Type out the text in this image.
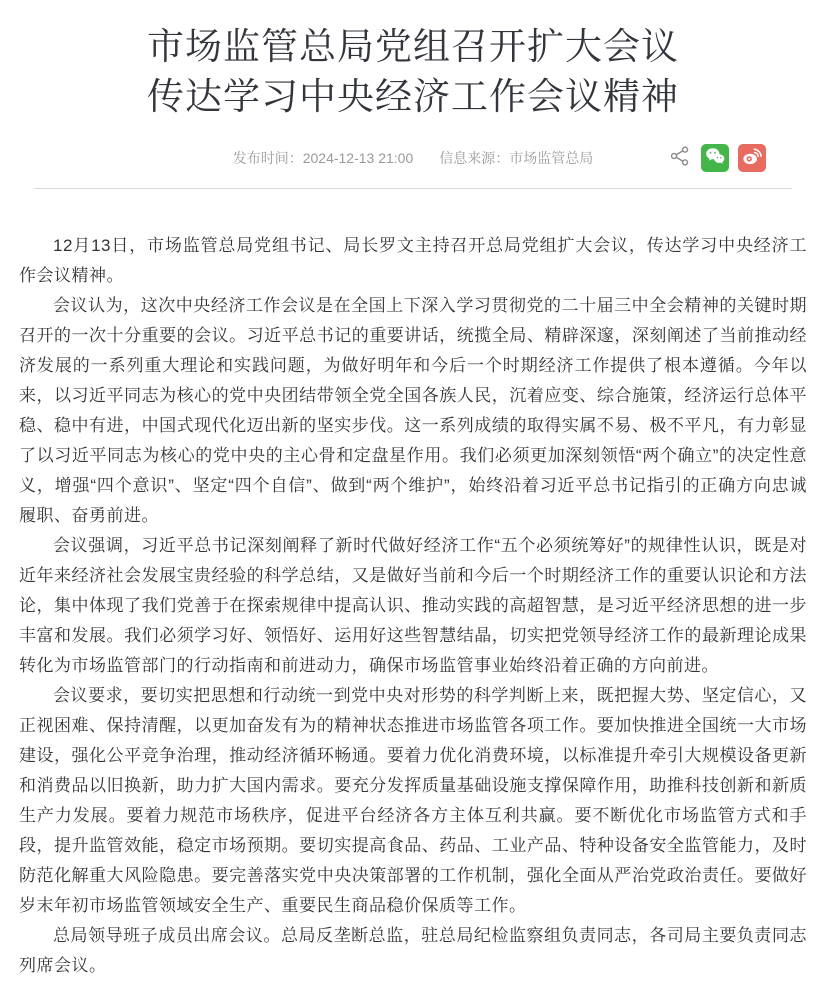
市场监管总局党组召开扩大会议
传达学习中央经济工作会议精神
发布时间：2024-12-13 21:00 信息来源：市场监管总局

12月13日，市场监管总局党组书记、局长罗文主持召开总局党组扩大会议，传达学习中央经济工作会议精神。

会议认为，这次中央经济工作会议是在全国上下深入学习贯彻党的二十届三中全会精神的关键时期召开的一次十分重要的会议。习近平总书记的重要讲话，统揽全局、精辟深邃，深刻阐述了当前推动经济发展的一系列重大理论和实践问题，为做好明年和今后一个时期经济工作提供了根本遵循。今年以来，以习近平同志为核心的党中央团结带领全党全国各族人民，沉着应变、综合施策，经济运行总体平稳、稳中有进，中国式现代化迈出新的坚实步伐。这一系列成绩的取得实属不易、极不平凡，有力彰显了以习近平同志为核心的党中央的主心骨和定盘星作用。我们必须更加深刻领悟“两个确立”的决定性意义，增强“四个意识”、坚定“四个自信”、做到“两个维护”，始终沿着习近平总书记指引的正确方向忠诚履职、奋勇前进。

会议强调，习近平总书记深刻阐释了新时代做好经济工作“五个必须统筹好”的规律性认识，既是对近年来经济社会发展宝贵经验的科学总结，又是做好当前和今后一个时期经济工作的重要认识论和方法论，集中体现了我们党善于在探索规律中提高认识、推动实践的高超智慧，是习近平经济思想的进一步丰富和发展。我们必须学习好、领悟好、运用好这些智慧结晶，切实把党领导经济工作的最新理论成果转化为市场监管部门的行动指南和前进动力，确保市场监管事业始终沿着正确的方向前进。

会议要求，要切实把思想和行动统一到党中央对形势的科学判断上来，既把握大势、坚定信心，又正视困难、保持清醒，以更加奋发有为的精神状态推进市场监管各项工作。要加快推进全国统一大市场建设，强化公平竞争治理，推动经济循环畅通。要着力优化消费环境，以标准提升牵引大规模设备更新和消费品以旧换新，助力扩大国内需求。要充分发挥质量基础设施支撑保障作用，助推科技创新和新质生产力发展。要着力规范市场秩序，促进平台经济各方主体互利共赢。要不断优化市场监管方式和手段，提升监管效能，稳定市场预期。要切实提高食品、药品、工业产品、特种设备安全监管能力，及时防范化解重大风险隐患。要完善落实党中央决策部署的工作机制，强化全面从严治党政治责任。要做好岁末年初市场监管领域安全生产、重要民生商品稳价保质等工作。

总局领导班子成员出席会议。总局反垄断总监，驻总局纪检监察组负责同志，各司局主要负责同志列席会议。
